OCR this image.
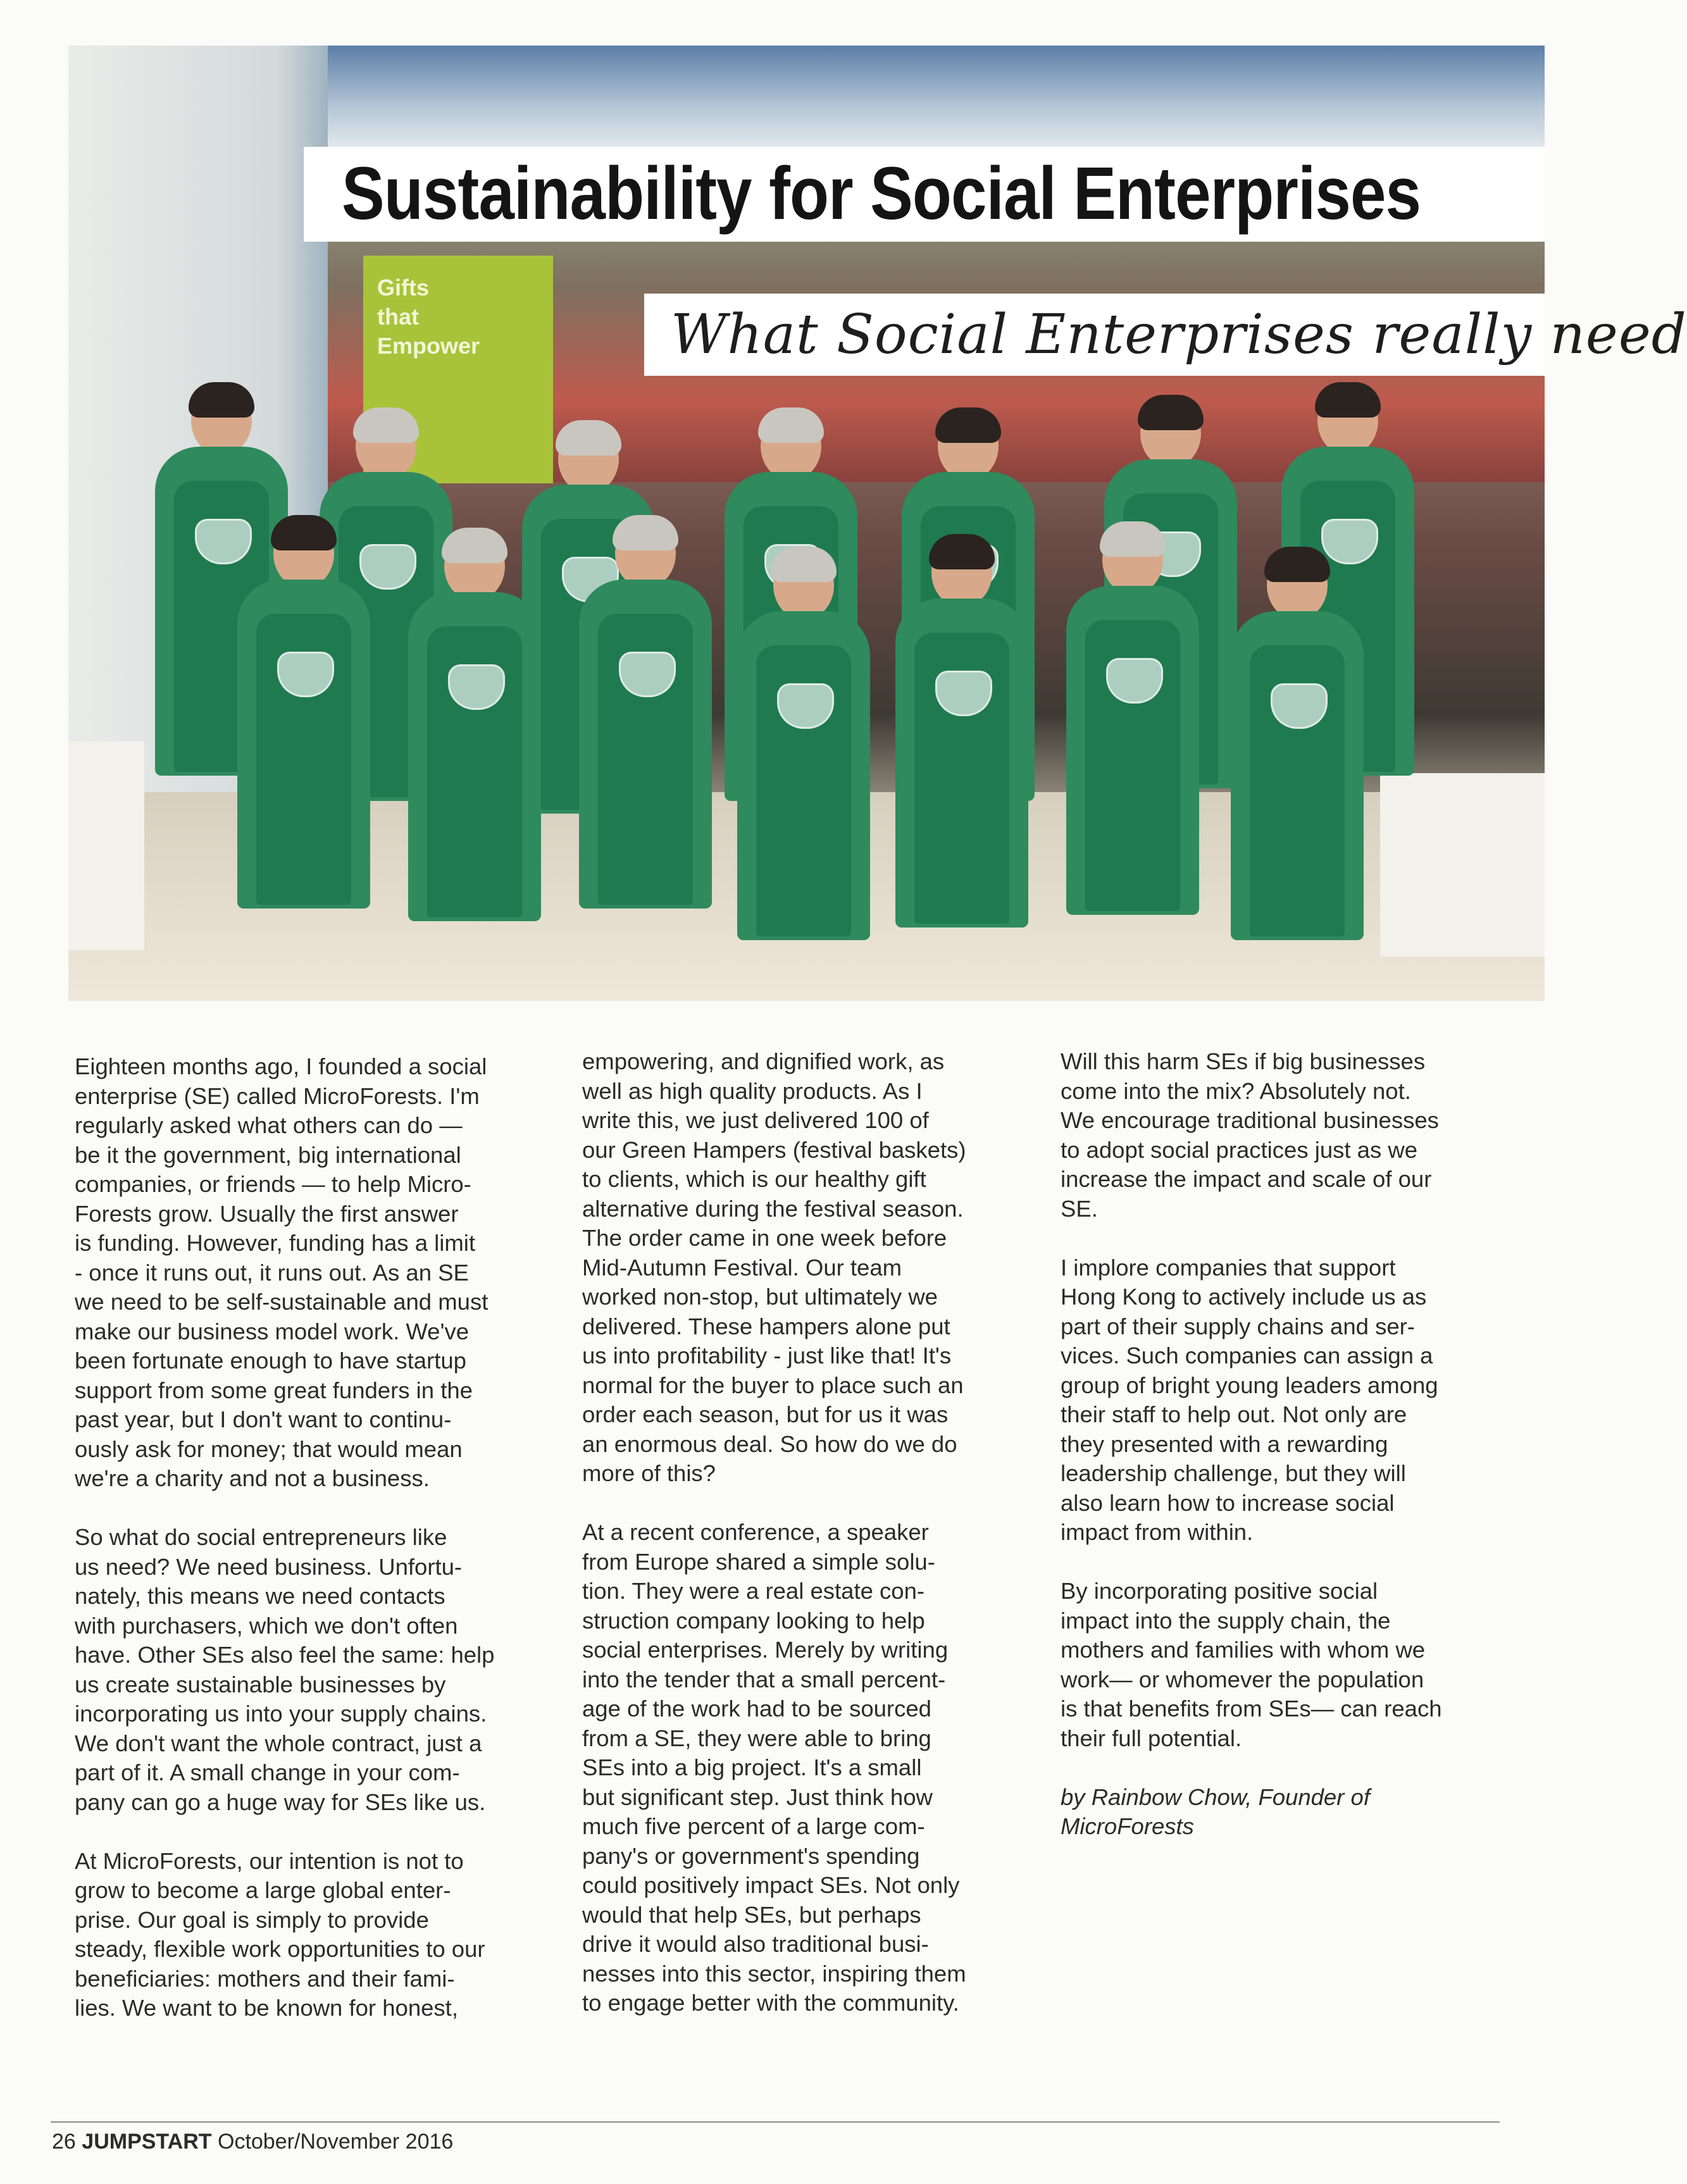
Gifts
that
Empower
Sustainability for Social Enterprises
What Social Enterprises really need

Eighteen months ago, I founded a social
enterprise (SE) called MicroForests. I'm
regularly asked what others can do —
be it the government, big international
companies, or friends — to help Micro-
Forests grow. Usually the first answer
is funding. However, funding has a limit
- once it runs out, it runs out. As an SE
we need to be self-sustainable and must
make our business model work. We've
been fortunate enough to have startup
support from some great funders in the
past year, but I don't want to continu-
ously ask for money; that would mean
we're a charity and not a business.

So what do social entrepreneurs like
us need? We need business. Unfortu-
nately, this means we need contacts
with purchasers, which we don't often
have. Other SEs also feel the same: help
us create sustainable businesses by
incorporating us into your supply chains.
We don't want the whole contract, just a
part of it. A small change in your com-
pany can go a huge way for SEs like us.

At MicroForests, our intention is not to
grow to become a large global enter-
prise. Our goal is simply to provide
steady, flexible work opportunities to our
beneficiaries: mothers and their fami-
lies. We want to be known for honest,

empowering, and dignified work, as
well as high quality products. As I
write this, we just delivered 100 of
our Green Hampers (festival baskets)
to clients, which is our healthy gift
alternative during the festival season.
The order came in one week before
Mid-Autumn Festival. Our team
worked non-stop, but ultimately we
delivered. These hampers alone put
us into profitability - just like that! It's
normal for the buyer to place such an
order each season, but for us it was
an enormous deal. So how do we do
more of this?

At a recent conference, a speaker
from Europe shared a simple solu-
tion. They were a real estate con-
struction company looking to help
social enterprises. Merely by writing
into the tender that a small percent-
age of the work had to be sourced
from a SE, they were able to bring
SEs into a big project. It's a small
but significant step. Just think how
much five percent of a large com-
pany's or government's spending
could positively impact SEs. Not only
would that help SEs, but perhaps
drive it would also traditional busi-
nesses into this sector, inspiring them
to engage better with the community.

Will this harm SEs if big businesses
come into the mix? Absolutely not.
We encourage traditional businesses
to adopt social practices just as we
increase the impact and scale of our
SE.

I implore companies that support
Hong Kong to actively include us as
part of their supply chains and ser-
vices. Such companies can assign a
group of bright young leaders among
their staff to help out. Not only are
they presented with a rewarding
leadership challenge, but they will
also learn how to increase social
impact from within.

By incorporating positive social
impact into the supply chain, the
mothers and families with whom we
work— or whomever the population
is that benefits from SEs— can reach
their full potential.

by Rainbow Chow, Founder of
MicroForests

26 JUMPSTART October/November 2016
